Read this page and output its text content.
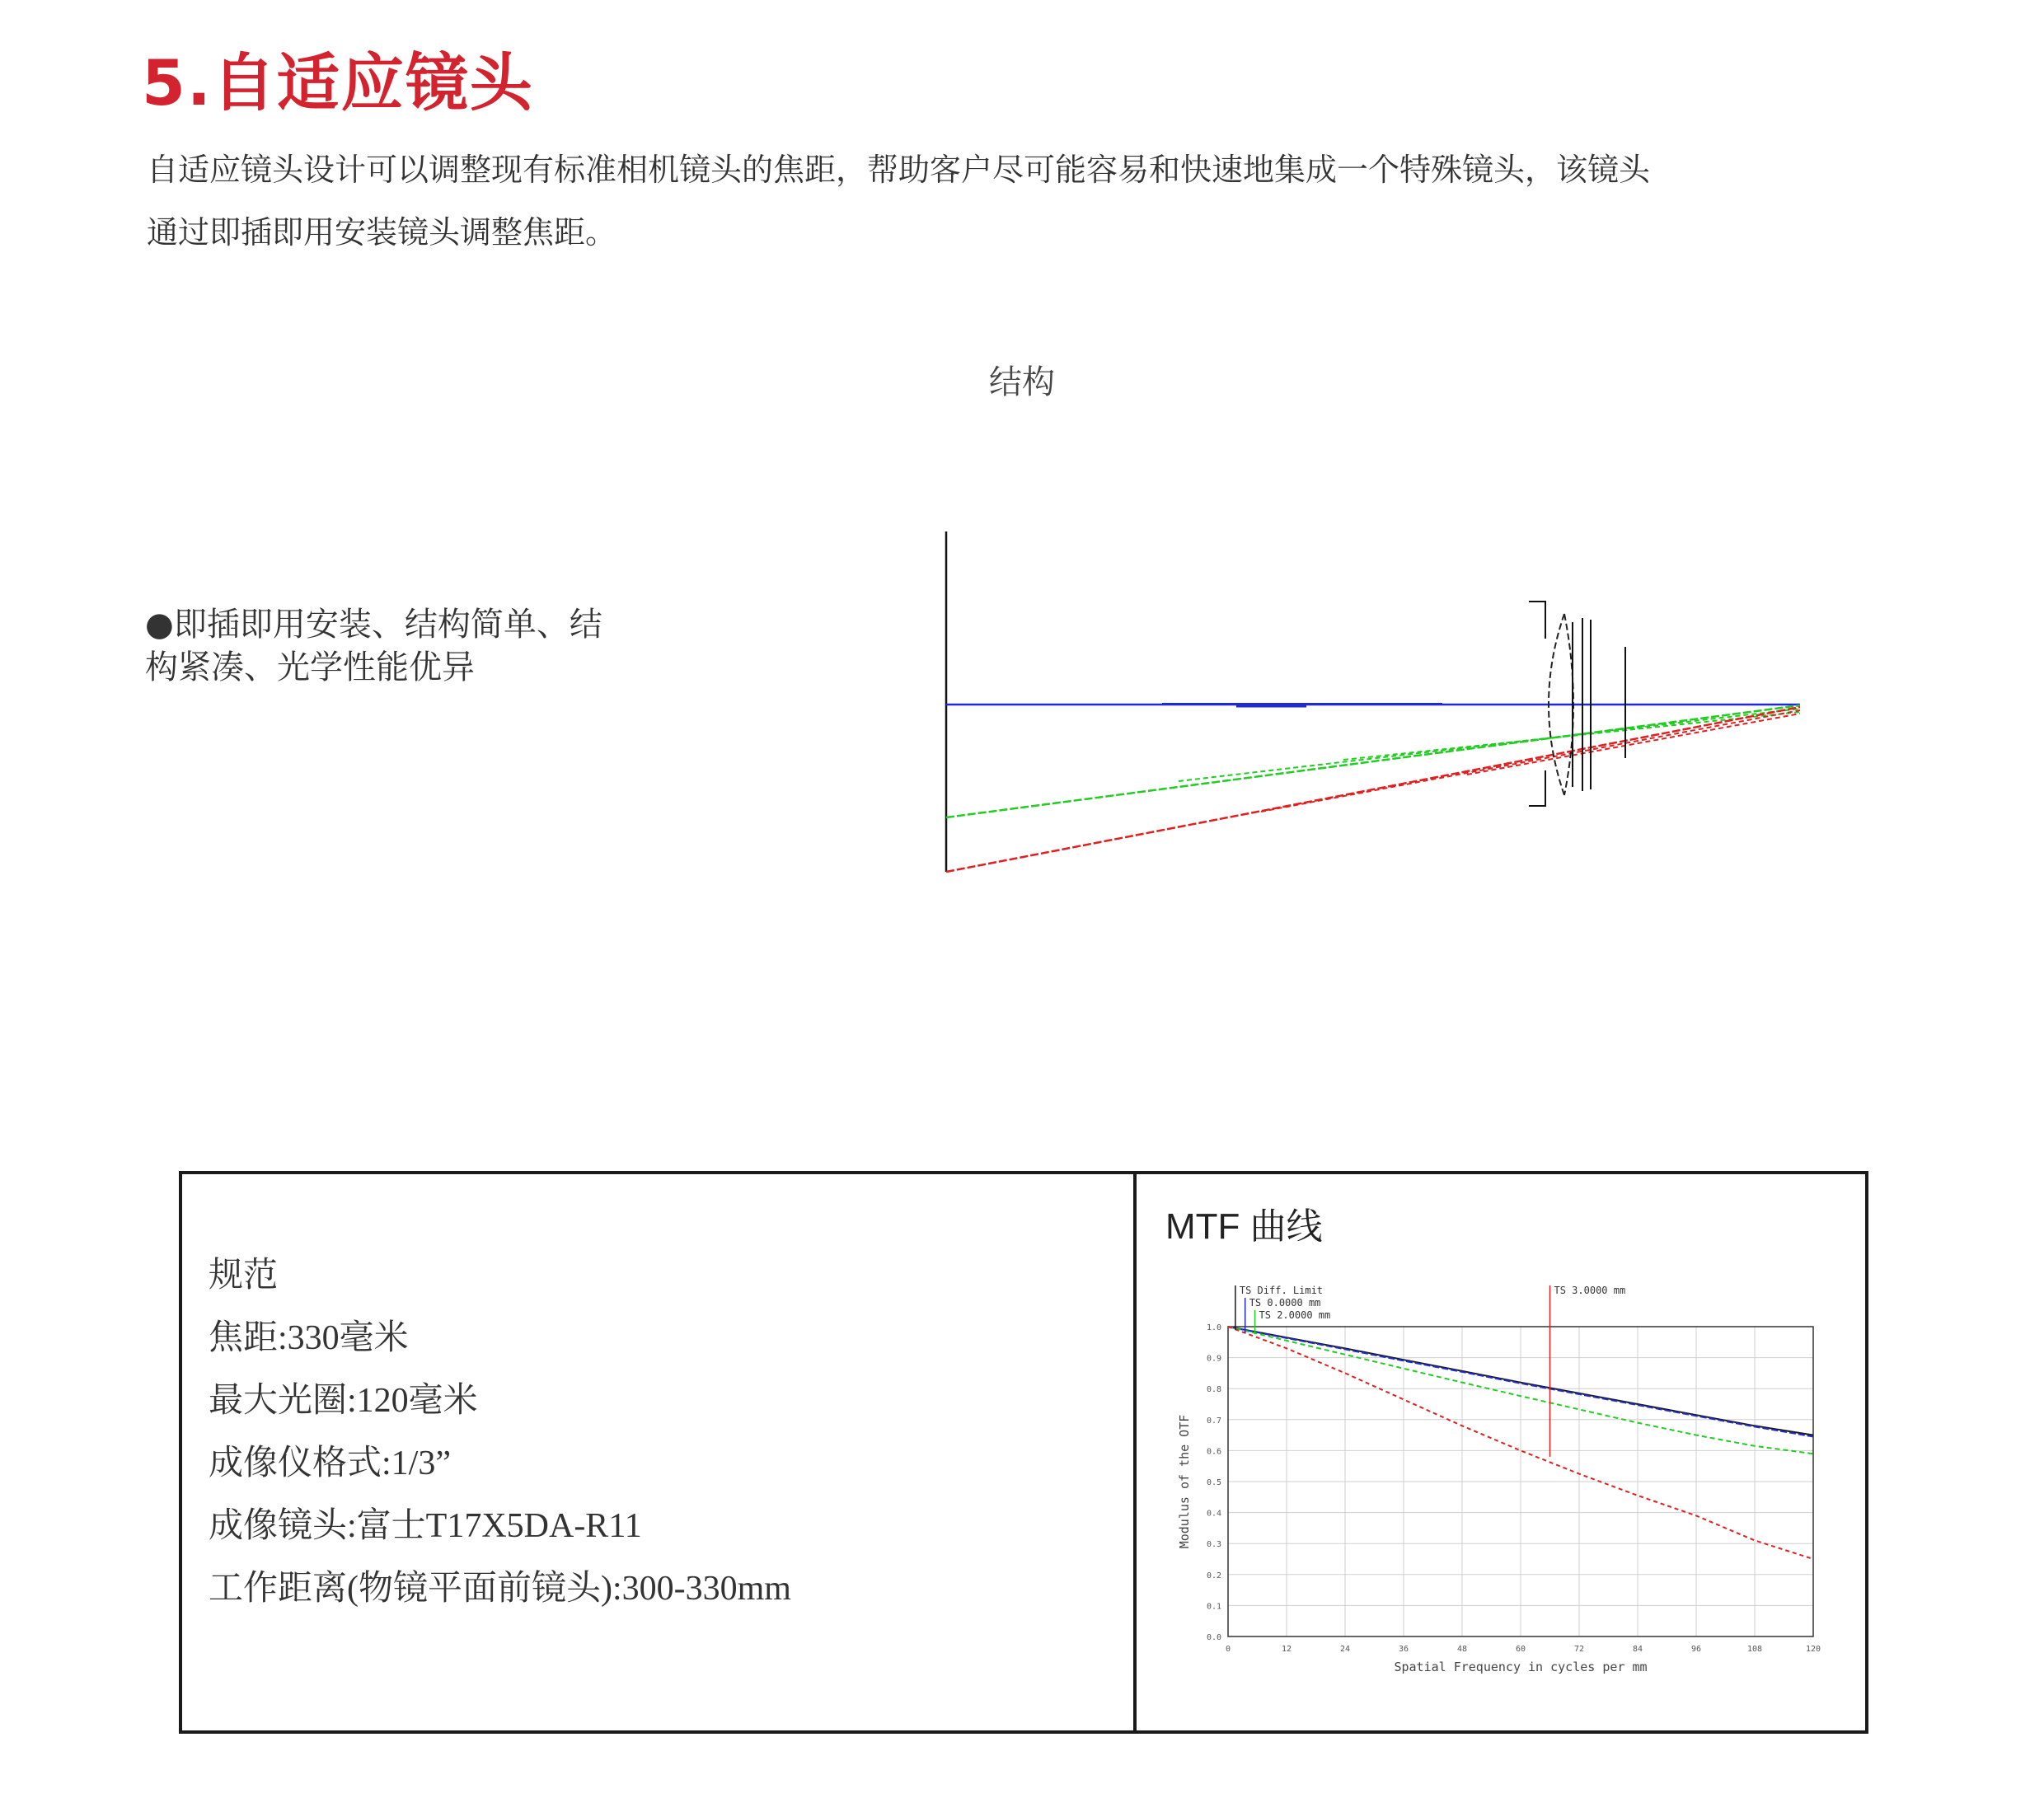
5.自适应镜头
自适应镜头设计可以调整现有标准相机镜头的焦距，帮助客户尽可能容易和快速地集成一个特殊镜头，该镜头
通过即插即用安装镜头调整焦距。
结构
●即插即用安装、结构简单、结
构紧凑、光学性能优异
规范
焦距:330毫米
最大光圈:120毫米
成像仪格式:1/3”
成像镜头:富士T17X5DA-R11
工作距离(物镜平面前镜头):300-330mm
MTF 曲线
0	12	24	36	48	60	72	84	96	108	120
0.0
0.1
0.2
0.3
0.4
0.5
0.6
0.7
0.8
0.9
1.0
TS Diff. Limit
TS 0.0000 mm
TS 2.0000 mm
TS 3.0000 mm
Spatial Frequency in cycles per mm
Modulus of the OTF
